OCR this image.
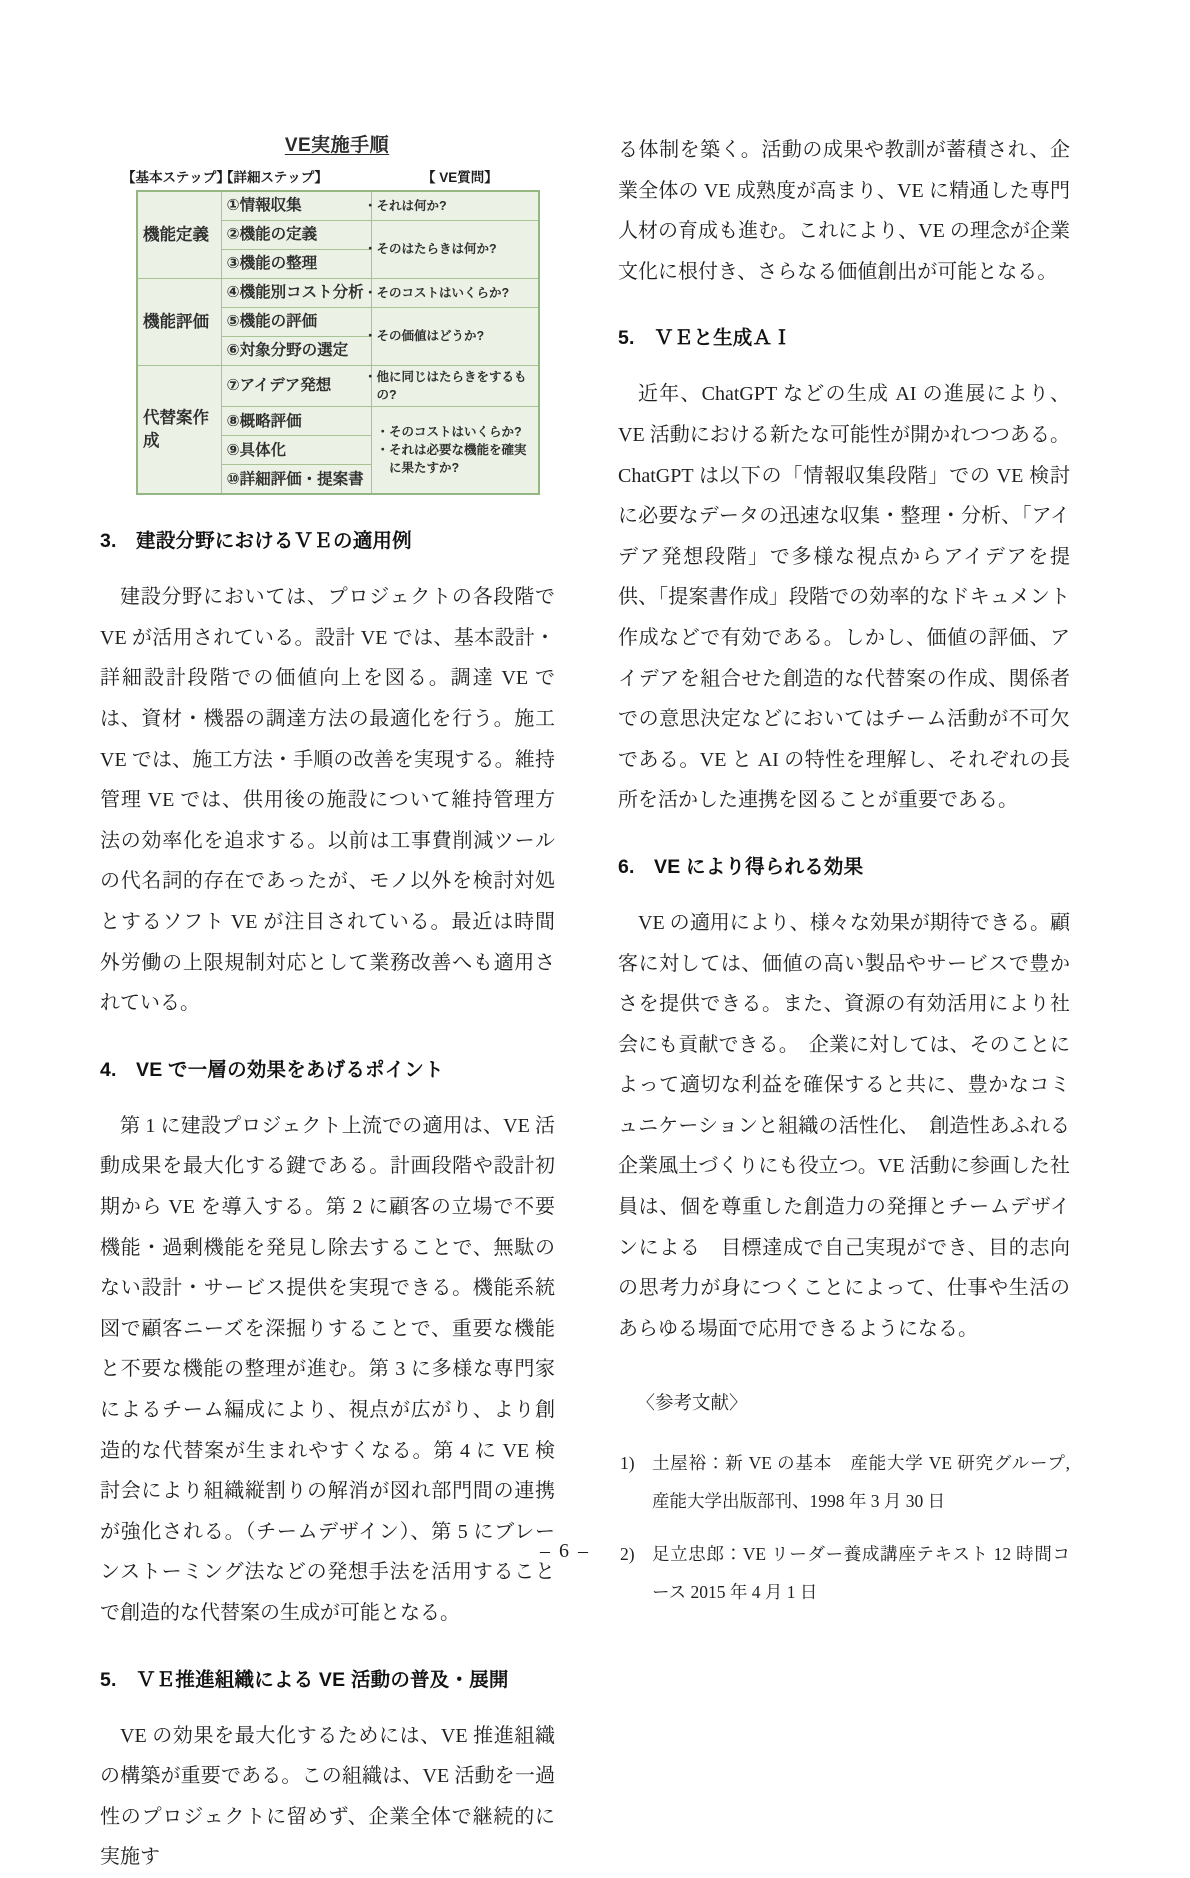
VE実施手順
【基本ステップ】
【詳細ステップ】	【 VE質問】
機能定義	①情報収集	・それは何か?
	②機能の定義	・そのはたらきは何か?
	③機能の整理	
機能評価	④機能別コスト分析	・そのコストはいくらか?
	⑤機能の評価	・その価値はどうか?
	⑥対象分野の選定	
代替案作成	⑦アイデア発想	・他に同じはたらきをするもの?
	⑧概略評価	・そのコストはいくらか?
・それは必要な機能を確実に果たすか?

	⑨具体化	
	⑩詳細評価・提案書	
3. 建設分野におけるＶＥの適用例

建設分野においては、プロジェクトの各段階で VE が活用されている。設計 VE では、基本設計・詳細設計段階での価値向上を図る。調達 VE では、資材・機器の調達方法の最適化を行う。施工 VE では、施工方法・手順の改善を実現する。維持管理 VE では、供用後の施設について維持管理方法の効率化を追求する。以前は工事費削減ツールの代名詞的存在であったが、モノ以外を検討対処とするソフト VE が注目されている。最近は時間外労働の上限規制対応として業務改善へも適用されている。

4. VE で一層の効果をあげるポイント

第 1 に建設プロジェクト上流での適用は、VE 活動成果を最大化する鍵である。計画段階や設計初期から VE を導入する。第 2 に顧客の立場で不要機能・過剰機能を発見し除去することで、無駄のない設計・サービス提供を実現できる。機能系統図で顧客ニーズを深掘りすることで、重要な機能と不要な機能の整理が進む。第 3 に多様な専門家によるチーム編成により、視点が広がり、より創造的な代替案が生まれやすくなる。第 4 に VE 検討会により組織縦割りの解消が図れ部門間の連携が強化される。（チームデザイン）、第 5 にブレーンストーミング法などの発想手法を活用することで創造的な代替案の生成が可能となる。

5. ＶＥ推進組織による VE 活動の普及・展開

VE の効果を最大化するためには、VE 推進組織の構築が重要である。この組織は、VE 活動を一過性のプロジェクトに留めず、企業全体で継続的に実施す

る体制を築く。活動の成果や教訓が蓄積され、企業全体の VE 成熟度が高まり、VE に精通した専門人材の育成も進む。これにより、VE の理念が企業文化に根付き、さらなる価値創出が可能となる。

5. ＶＥと生成ＡＩ

近年、ChatGPT などの生成 AI の進展により、VE 活動における新たな可能性が開かれつつある。ChatGPT は以下の「情報収集段階」での VE 検討に必要なデータの迅速な収集・整理・分析、「アイデア発想段階」で多様な視点からアイデアを提供、「提案書作成」段階での効率的なドキュメント作成などで有効である。しかし、価値の評価、アイデアを組合せた創造的な代替案の作成、関係者での意思決定などにおいてはチーム活動が不可欠である。VE と AI の特性を理解し、それぞれの長所を活かした連携を図ることが重要である。

6. VE により得られる効果

VE の適用により、様々な効果が期待できる。顧客に対しては、価値の高い製品やサービスで豊かさを提供できる。また、資源の有効活用により社会にも貢献できる。　企業に対しては、そのことによって適切な利益を確保すると共に、豊かなコミュニケーションと組織の活性化、　創造性あふれる企業風土づくりにも役立つ。VE 活動に参画した社員は、個を尊重した創造力の発揮とチームデザインによる　目標達成で自己実現ができ、目的志向の思考力が身につくことによって、仕事や生活のあらゆる場面で応用できるようになる。

〈参考文献〉
1) 土屋裕：新 VE の基本　産能大学 VE 研究グループ, 産能大学出版部刊、1998 年 3 月 30 日
2) 足立忠郎：VE リーダー養成講座テキスト 12 時間コース 2015 年 4 月 1 日
– 6 –
